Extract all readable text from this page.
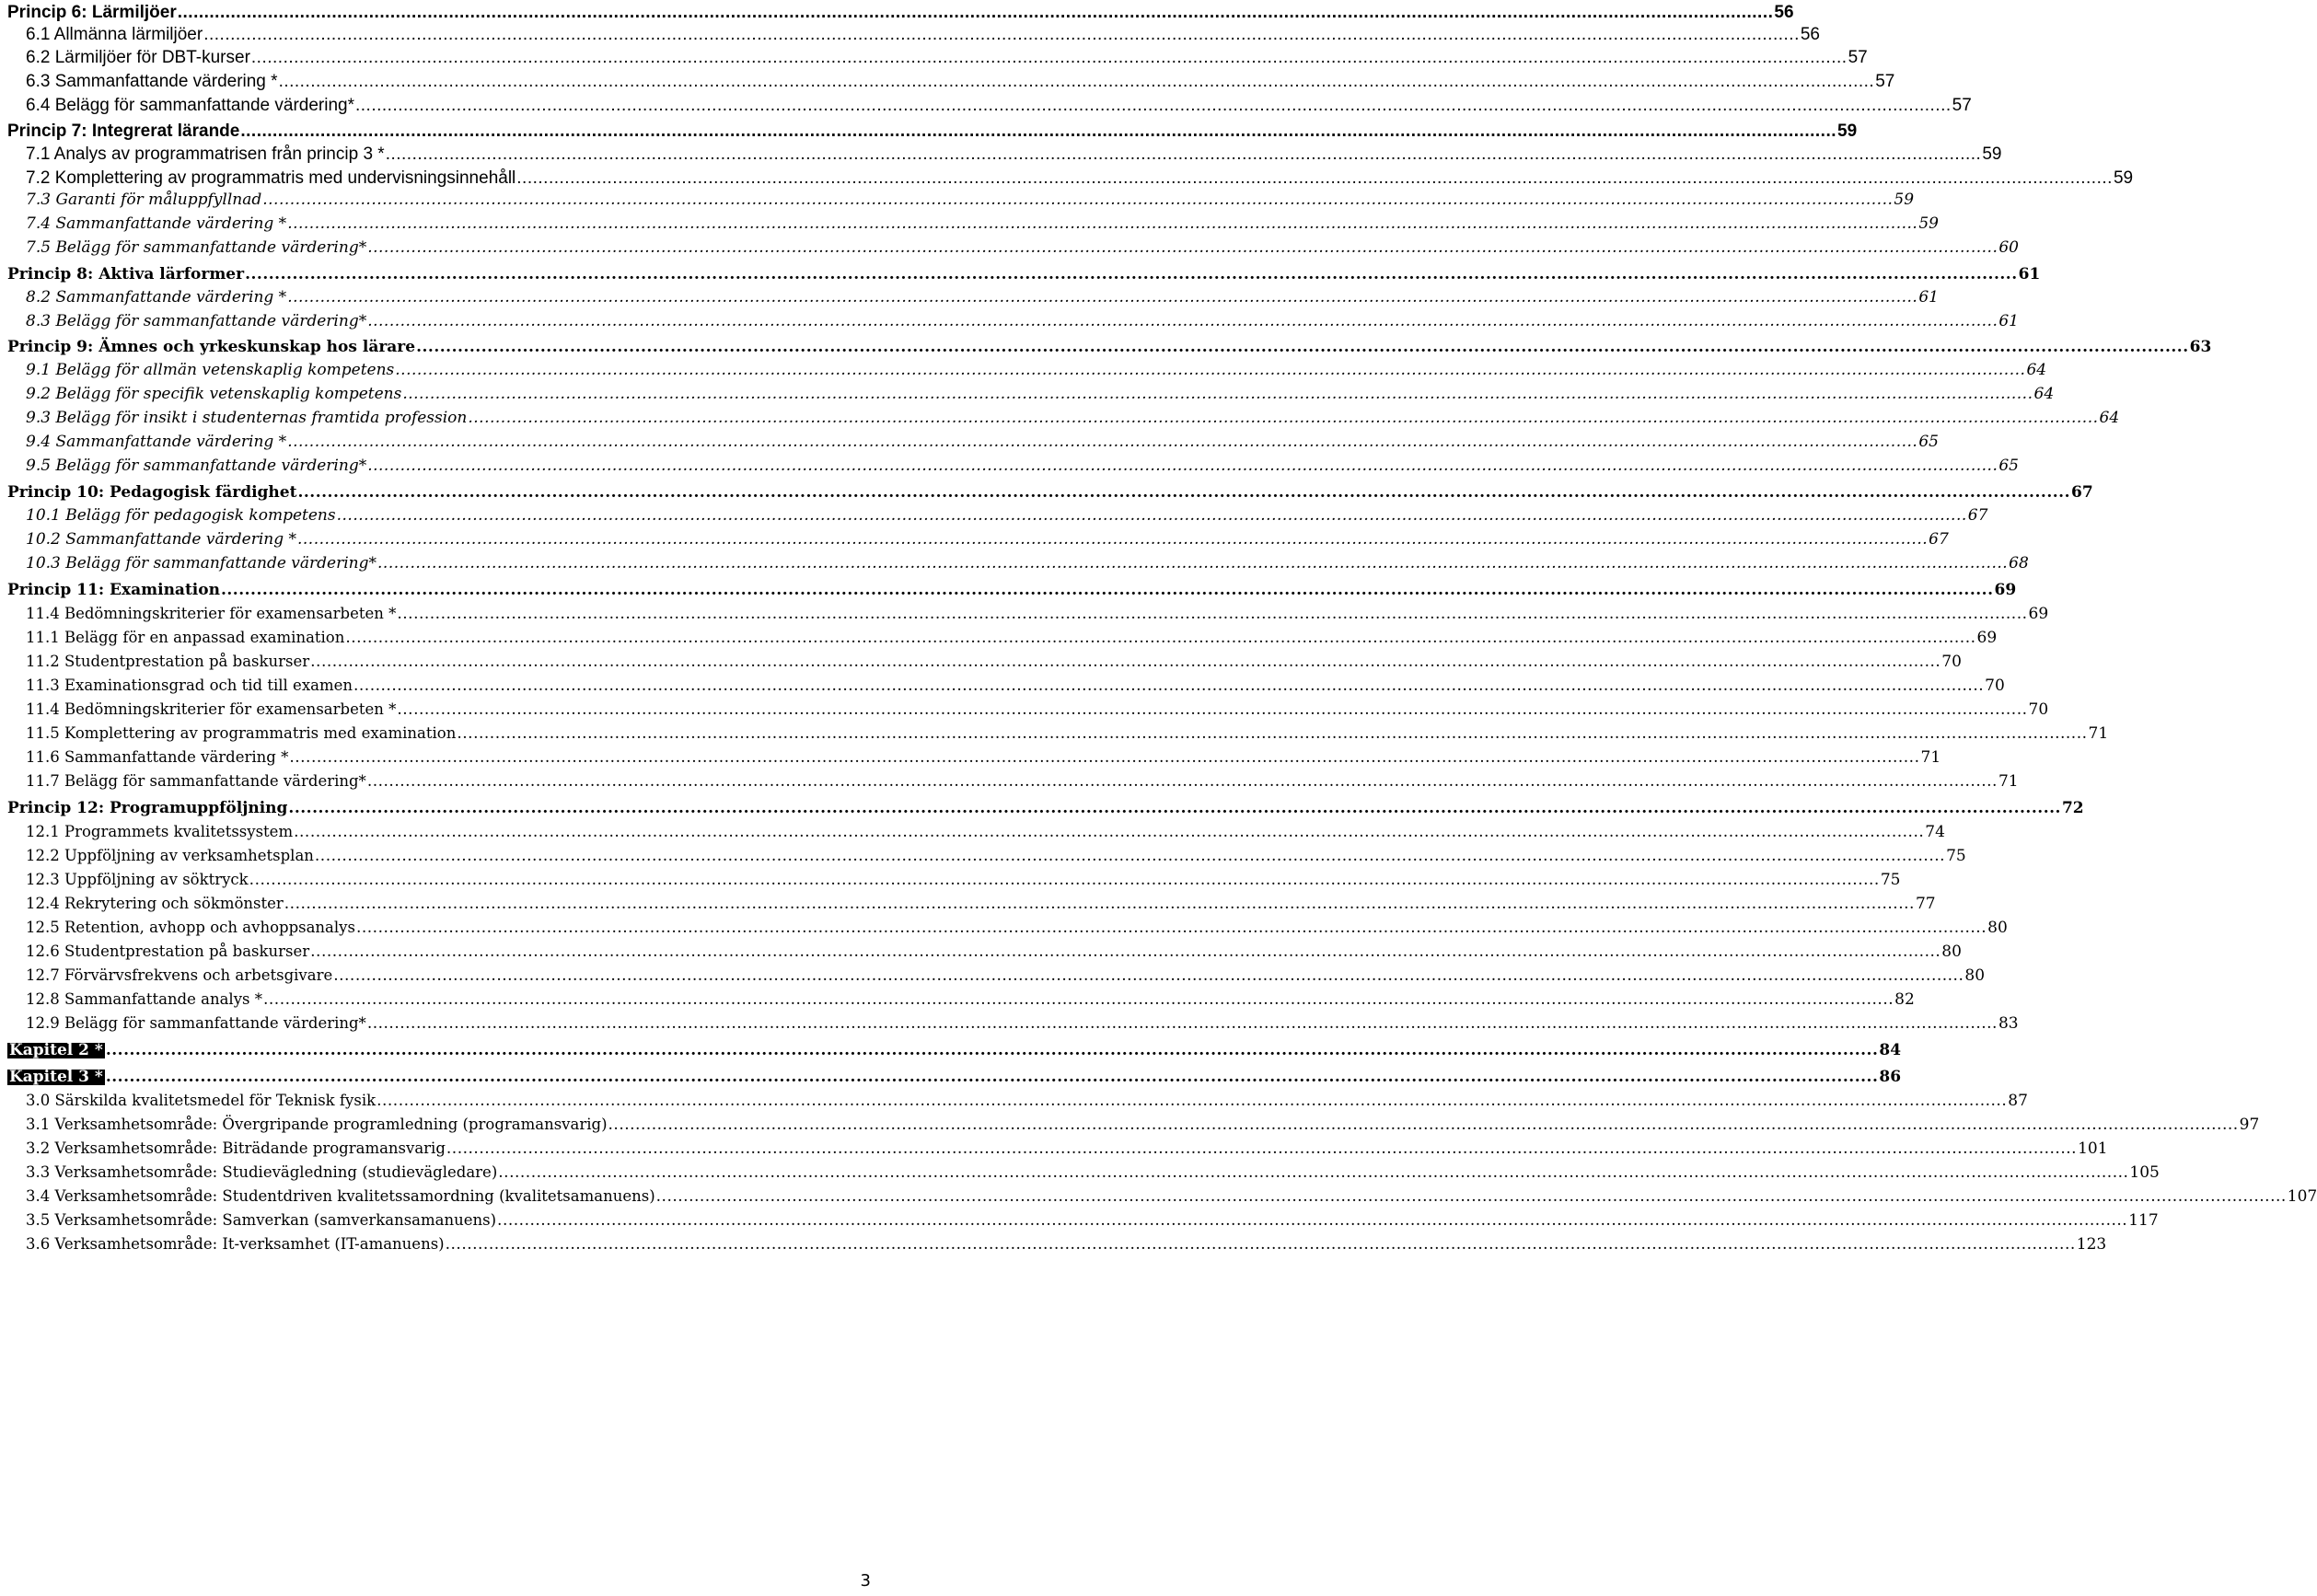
Princip 6: Lärmiljöer ............................................................................................................................................................................................................................................................................................................ 56
6.1 Allmänna lärmiljöer ............................................................................................................................................................................................................................................................................................................ 56
6.2 Lärmiljöer för DBT-kurser ............................................................................................................................................................................................................................................................................................................ 57
6.3 Sammanfattande värdering * ............................................................................................................................................................................................................................................................................................................ 57
6.4 Belägg för sammanfattande värdering* ............................................................................................................................................................................................................................................................................................................ 57
Princip 7: Integrerat lärande ............................................................................................................................................................................................................................................................................................................ 59
7.1 Analys av programmatrisen från princip 3 * ............................................................................................................................................................................................................................................................................................................ 59
7.2 Komplettering av programmatris med undervisningsinnehåll ............................................................................................................................................................................................................................................................................................................ 59
7.3 Garanti för måluppfyllnad ............................................................................................................................................................................................................................................................................................................ 59
7.4 Sammanfattande värdering * ............................................................................................................................................................................................................................................................................................................ 59
7.5 Belägg för sammanfattande värdering* ............................................................................................................................................................................................................................................................................................................ 60
Princip 8: Aktiva lärformer ............................................................................................................................................................................................................................................................................................................ 61
8.2 Sammanfattande värdering * ............................................................................................................................................................................................................................................................................................................ 61
8.3 Belägg för sammanfattande värdering* ............................................................................................................................................................................................................................................................................................................ 61
Princip 9: Ämnes och yrkeskunskap hos lärare ............................................................................................................................................................................................................................................................................................................ 63
9.1 Belägg för allmän vetenskaplig kompetens ............................................................................................................................................................................................................................................................................................................ 64
9.2 Belägg för specifik vetenskaplig kompetens ............................................................................................................................................................................................................................................................................................................ 64
9.3 Belägg för insikt i studenternas framtida profession ............................................................................................................................................................................................................................................................................................................ 64
9.4 Sammanfattande värdering * ............................................................................................................................................................................................................................................................................................................ 65
9.5 Belägg för sammanfattande värdering* ............................................................................................................................................................................................................................................................................................................ 65
Princip 10: Pedagogisk färdighet ............................................................................................................................................................................................................................................................................................................ 67
10.1 Belägg för pedagogisk kompetens ............................................................................................................................................................................................................................................................................................................ 67
10.2 Sammanfattande värdering * ............................................................................................................................................................................................................................................................................................................ 67
10.3 Belägg för sammanfattande värdering* ............................................................................................................................................................................................................................................................................................................ 68
Princip 11: Examination ............................................................................................................................................................................................................................................................................................................ 69
11.4 Bedömningskriterier för examensarbeten * ............................................................................................................................................................................................................................................................................................................ 69
11.1 Belägg för en anpassad examination ............................................................................................................................................................................................................................................................................................................ 69
11.2 Studentprestation på baskurser ............................................................................................................................................................................................................................................................................................................ 70
11.3 Examinationsgrad och tid till examen ............................................................................................................................................................................................................................................................................................................ 70
11.4 Bedömningskriterier för examensarbeten * ............................................................................................................................................................................................................................................................................................................ 70
11.5 Komplettering av programmatris med examination ............................................................................................................................................................................................................................................................................................................ 71
11.6 Sammanfattande värdering * ............................................................................................................................................................................................................................................................................................................ 71
11.7 Belägg för sammanfattande värdering* ............................................................................................................................................................................................................................................................................................................ 71
Princip 12: Programuppföljning ............................................................................................................................................................................................................................................................................................................ 72
12.1 Programmets kvalitetssystem ............................................................................................................................................................................................................................................................................................................ 74
12.2 Uppföljning av verksamhetsplan ............................................................................................................................................................................................................................................................................................................ 75
12.3 Uppföljning av söktryck ............................................................................................................................................................................................................................................................................................................ 75
12.4 Rekrytering och sökmönster ............................................................................................................................................................................................................................................................................................................ 77
12.5 Retention, avhopp och avhoppsanalys ............................................................................................................................................................................................................................................................................................................ 80
12.6 Studentprestation på baskurser ............................................................................................................................................................................................................................................................................................................ 80
12.7 Förvärvsfrekvens och arbetsgivare ............................................................................................................................................................................................................................................................................................................ 80
12.8 Sammanfattande analys * ............................................................................................................................................................................................................................................................................................................ 82
12.9 Belägg för sammanfattande värdering* ............................................................................................................................................................................................................................................................................................................ 83
Kapitel 2 * ............................................................................................................................................................................................................................................................................................................ 84
Kapitel 3 * ............................................................................................................................................................................................................................................................................................................ 86
3.0 Särskilda kvalitetsmedel för Teknisk fysik ............................................................................................................................................................................................................................................................................................................ 87
3.1 Verksamhetsområde: Övergripande programledning (programansvarig) ............................................................................................................................................................................................................................................................................................................ 97
3.2 Verksamhetsområde: Biträdande programansvarig ............................................................................................................................................................................................................................................................................................................ 101
3.3 Verksamhetsområde: Studievägledning (studievägledare) ............................................................................................................................................................................................................................................................................................................ 105
3.4 Verksamhetsområde: Studentdriven kvalitetssamordning (kvalitetsamanuens) ............................................................................................................................................................................................................................................................................................................ 107
3.5 Verksamhetsområde: Samverkan (samverkansamanuens) ............................................................................................................................................................................................................................................................................................................ 117
3.6 Verksamhetsområde: It-verksamhet (IT-amanuens) ............................................................................................................................................................................................................................................................................................................ 123
3
